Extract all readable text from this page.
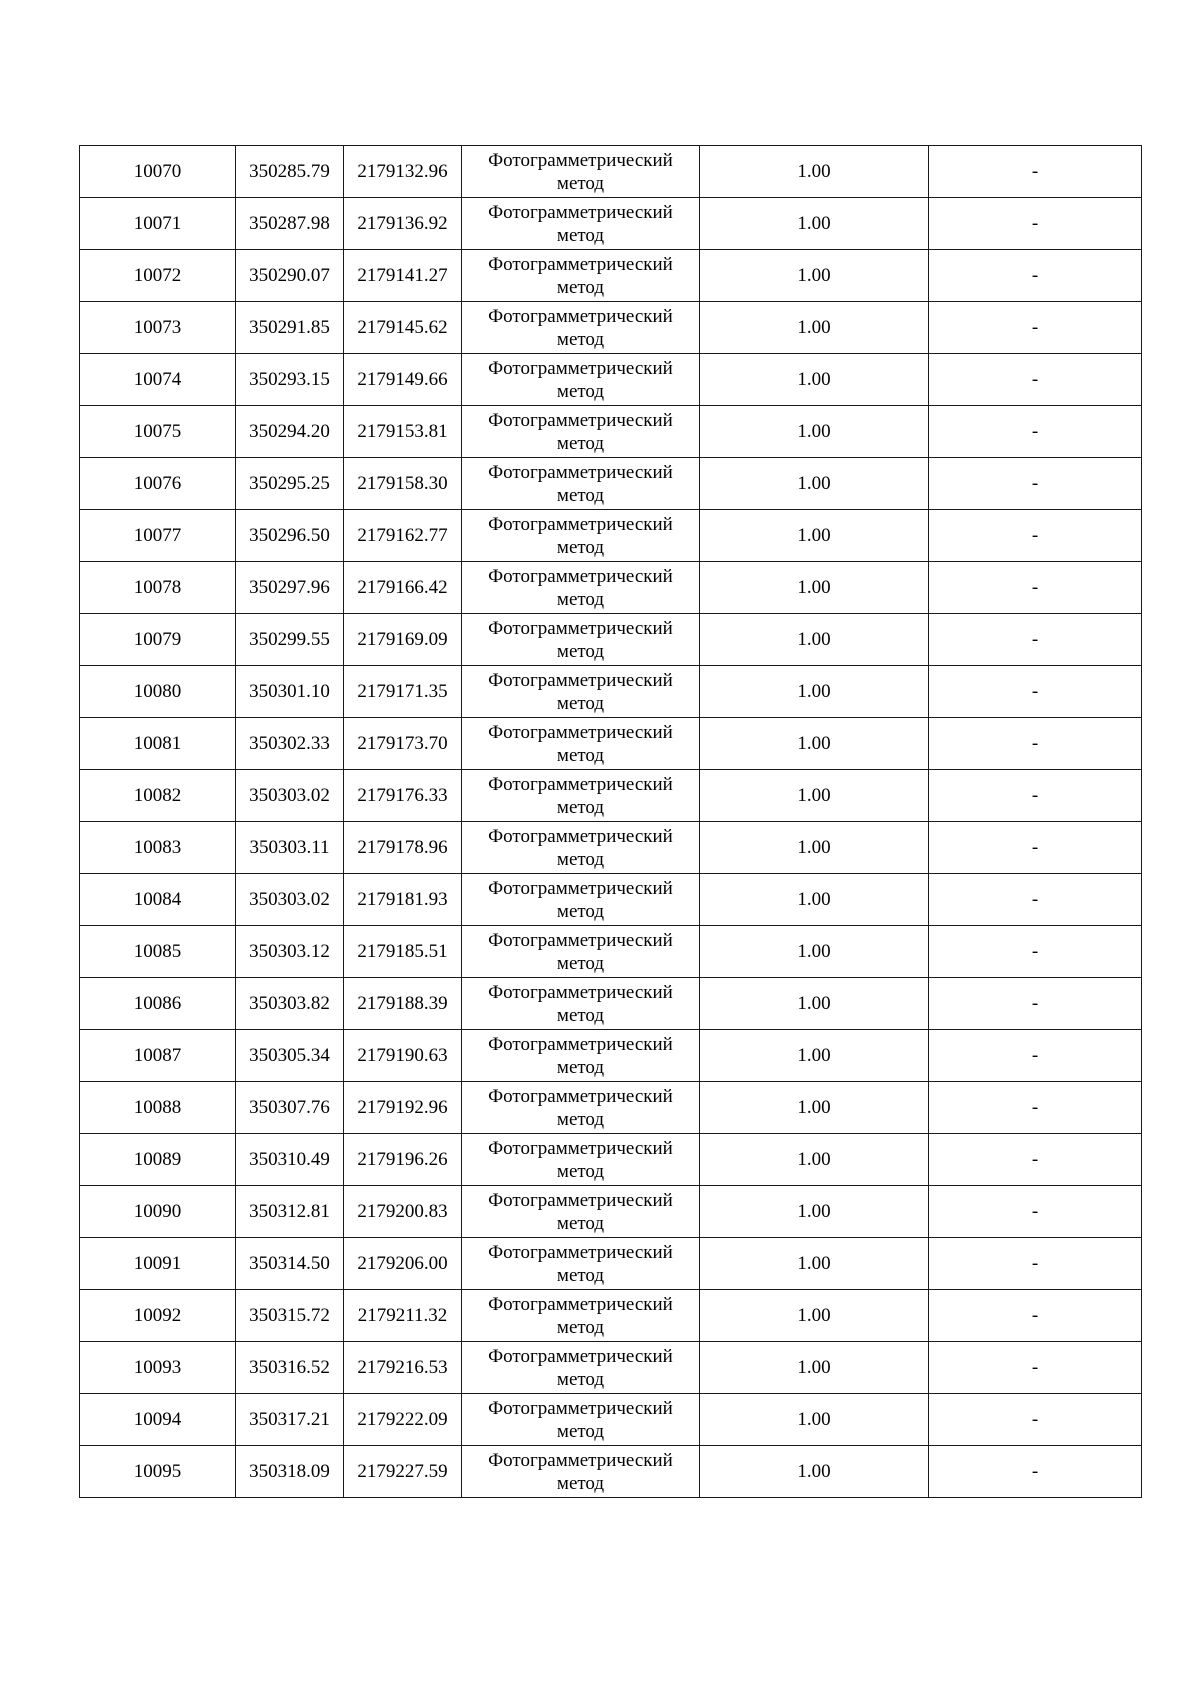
10070	350285.79	2179132.96	Фотограмметрический метод	1.00	-
10071	350287.98	2179136.92	Фотограмметрический метод	1.00	-
10072	350290.07	2179141.27	Фотограмметрический метод	1.00	-
10073	350291.85	2179145.62	Фотограмметрический метод	1.00	-
10074	350293.15	2179149.66	Фотограмметрический метод	1.00	-
10075	350294.20	2179153.81	Фотограмметрический метод	1.00	-
10076	350295.25	2179158.30	Фотограмметрический метод	1.00	-
10077	350296.50	2179162.77	Фотограмметрический метод	1.00	-
10078	350297.96	2179166.42	Фотограмметрический метод	1.00	-
10079	350299.55	2179169.09	Фотограмметрический метод	1.00	-
10080	350301.10	2179171.35	Фотограмметрический метод	1.00	-
10081	350302.33	2179173.70	Фотограмметрический метод	1.00	-
10082	350303.02	2179176.33	Фотограмметрический метод	1.00	-
10083	350303.11	2179178.96	Фотограмметрический метод	1.00	-
10084	350303.02	2179181.93	Фотограмметрический метод	1.00	-
10085	350303.12	2179185.51	Фотограмметрический метод	1.00	-
10086	350303.82	2179188.39	Фотограмметрический метод	1.00	-
10087	350305.34	2179190.63	Фотограмметрический метод	1.00	-
10088	350307.76	2179192.96	Фотограмметрический метод	1.00	-
10089	350310.49	2179196.26	Фотограмметрический метод	1.00	-
10090	350312.81	2179200.83	Фотограмметрический метод	1.00	-
10091	350314.50	2179206.00	Фотограмметрический метод	1.00	-
10092	350315.72	2179211.32	Фотограмметрический метод	1.00	-
10093	350316.52	2179216.53	Фотограмметрический метод	1.00	-
10094	350317.21	2179222.09	Фотограмметрический метод	1.00	-
10095	350318.09	2179227.59	Фотограмметрический метод	1.00	-
